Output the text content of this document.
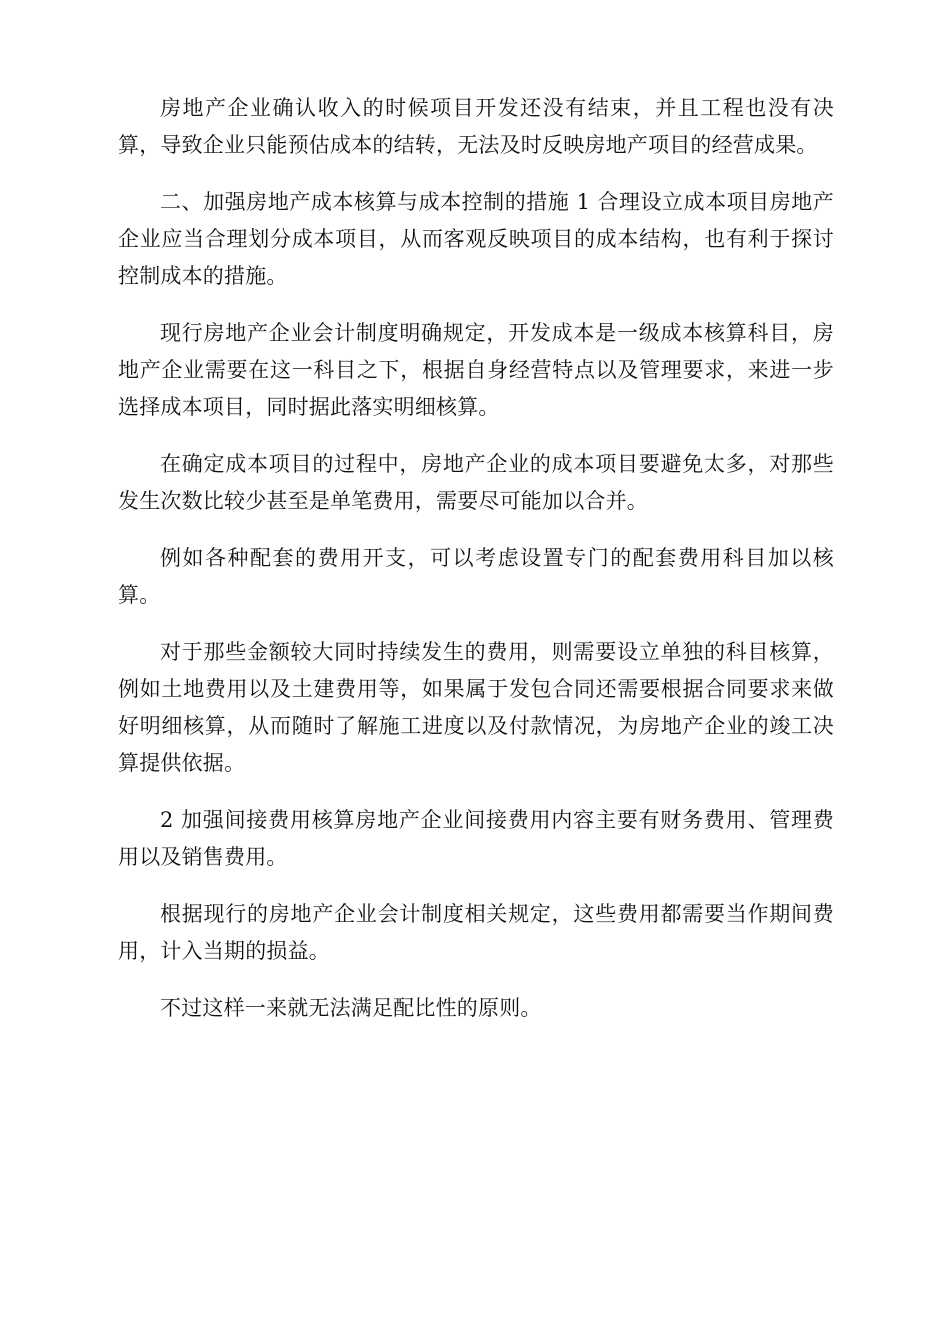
房地产企业确认收入的时候项目开发还没有结束，并且工程也没有决算，导致企业只能预估成本的结转，无法及时反映房地产项目的经营成果。

二、加强房地产成本核算与成本控制的措施 1 合理设立成本项目房地产企业应当合理划分成本项目，从而客观反映项目的成本结构，也有利于探讨控制成本的措施。

现行房地产企业会计制度明确规定，开发成本是一级成本核算科目，房地产企业需要在这一科目之下，根据自身经营特点以及管理要求，来进一步选择成本项目，同时据此落实明细核算。

在确定成本项目的过程中，房地产企业的成本项目要避免太多，对那些发生次数比较少甚至是单笔费用，需要尽可能加以合并。

例如各种配套的费用开支，可以考虑设置专门的配套费用科目加以核算。

对于那些金额较大同时持续发生的费用，则需要设立单独的科目核算，例如土地费用以及土建费用等，如果属于发包合同还需要根据合同要求来做好明细核算，从而随时了解施工进度以及付款情况，为房地产企业的竣工决算提供依据。

2 加强间接费用核算房地产企业间接费用内容主要有财务费用、管理费用以及销售费用。

根据现行的房地产企业会计制度相关规定，这些费用都需要当作期间费用，计入当期的损益。

不过这样一来就无法满足配比性的原则。
